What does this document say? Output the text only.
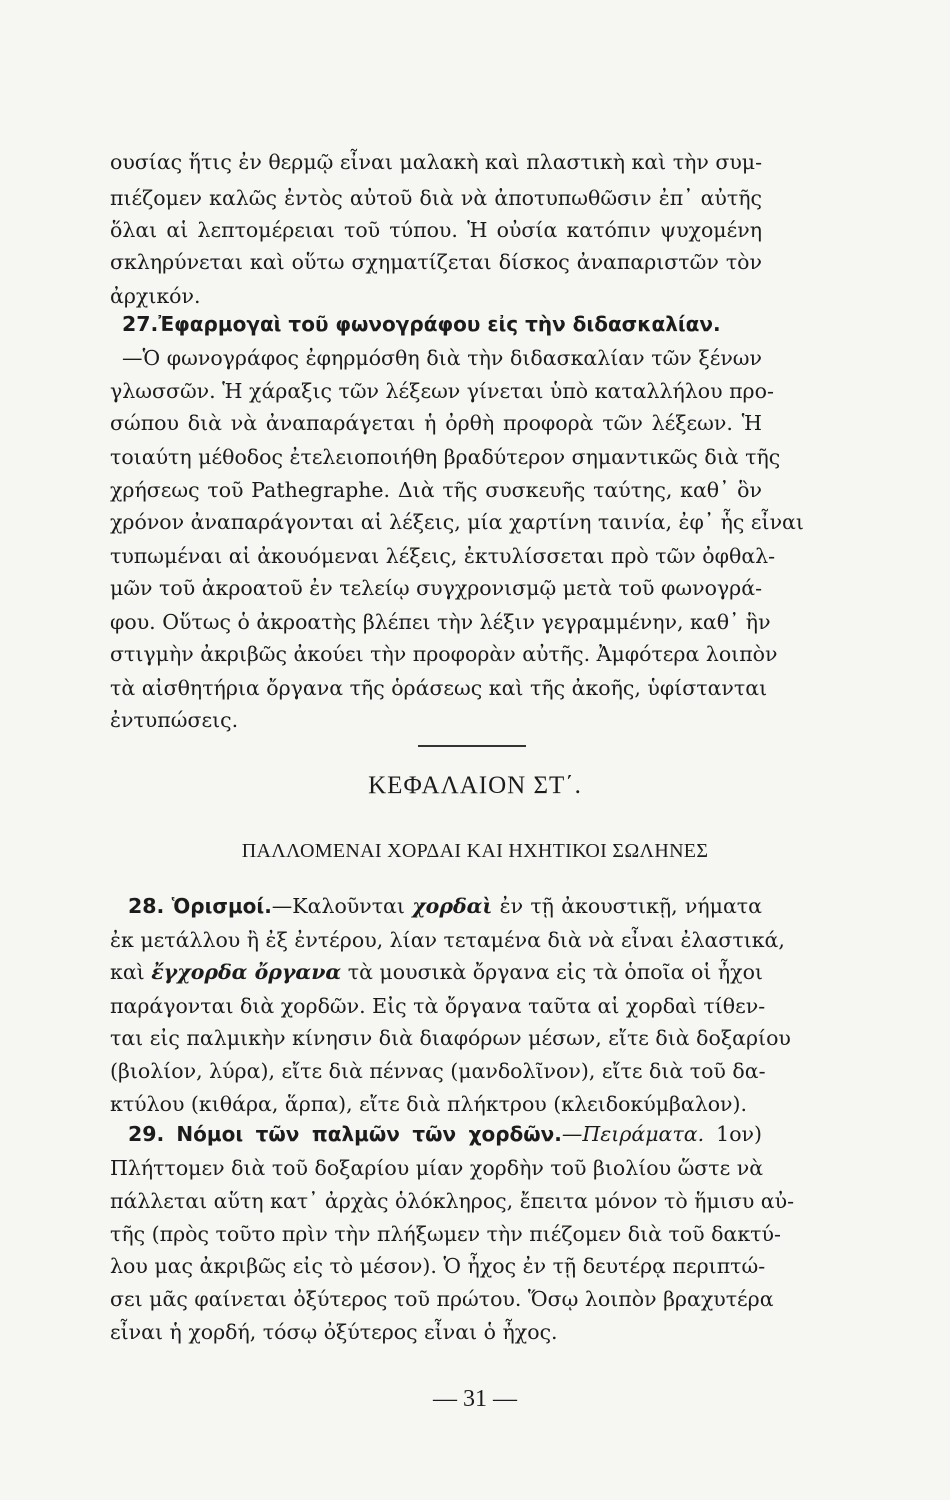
ουσίας ἥτις ἐν θερμῷ εἶναι μαλακὴ καὶ πλαστικὴ καὶ τὴν συμ-
πιέζομεν καλῶς ἐντὸς αὐτοῦ διὰ νὰ ἀποτυπωθῶσιν ἐπ᾽ αὐτῆς
ὅλαι αἱ λεπτομέρειαι τοῦ τύπου. Ἡ οὐσία κατόπιν ψυχομένη
σκληρύνεται καὶ οὕτω σχηματίζεται δίσκος ἀναπαριστῶν τὸν
ἀρχικόν.
27.Ἐφαρμογαὶ τοῦ φωνογράφου εἰς τὴν διδασκαλίαν.
—Ὁ φωνογράφος ἐφηρμόσθη διὰ τὴν διδασκαλίαν τῶν ξένων
γλωσσῶν. Ἡ χάραξις τῶν λέξεων γίνεται ὑπὸ καταλλήλου προ-
σώπου διὰ νὰ ἀναπαράγεται ἡ ὀρθὴ προφορὰ τῶν λέξεων. Ἡ
τοιαύτη μέθοδος ἐτελειοποιήθη βραδύτερον σημαντικῶς διὰ τῆς
χρήσεως τοῦ Pathegraphe. Διὰ τῆς συσκευῆς ταύτης, καθ᾽ ὃν
χρόνον ἀναπαράγονται αἱ λέξεις, μία χαρτίνη ταινία, ἐφ᾽ ἧς εἶναι
τυπωμέναι αἱ ἀκουόμεναι λέξεις, ἐκτυλίσσεται πρὸ τῶν ὀφθαλ-
μῶν τοῦ ἀκροατοῦ ἐν τελείῳ συγχρονισμῷ μετὰ τοῦ φωνογρά-
φου. Οὕτως ὁ ἀκροατὴς βλέπει τὴν λέξιν γεγραμμένην, καθ᾽ ἣν
στιγμὴν ἀκριβῶς ἀκούει τὴν προφορὰν αὐτῆς. Ἀμφότερα λοιπὸν
τὰ αἰσθητήρια ὄργανα τῆς ὁράσεως καὶ τῆς ἀκοῆς, ὑφίστανται
ἐντυπώσεις.
ΚΕΦΑΛΑΙΟΝ ΣΤ΄.
ΠΑΛΛΟΜΕΝΑΙ ΧΟΡΔΑΙ ΚΑΙ ΗΧΗΤΙΚΟΙ ΣΩΛΗΝΕΣ
28. Ὁρισμοί.—Καλοῦνται χορδαὶ ἐν τῇ ἀκουστικῇ, νήματα
ἐκ μετάλλου ἢ ἐξ ἐντέρου, λίαν τεταμένα διὰ νὰ εἶναι ἐλαστικά,
καὶ ἔγχορδα ὄργανα τὰ μουσικὰ ὄργανα εἰς τὰ ὁποῖα οἱ ἦχοι
παράγονται διὰ χορδῶν. Εἰς τὰ ὄργανα ταῦτα αἱ χορδαὶ τίθεν-
ται εἰς παλμικὴν κίνησιν διὰ διαφόρων μέσων, εἴτε διὰ δοξαρίου
(βιολίον, λύρα), εἴτε διὰ πέννας (μανδολῖνον), εἴτε διὰ τοῦ δα-
κτύλου (κιθάρα, ἅρπα), εἴτε διὰ πλήκτρου (κλειδοκύμβαλον).
29. Νόμοι τῶν παλμῶν τῶν χορδῶν.—Πειράματα. 1ον)
Πλήττομεν διὰ τοῦ δοξαρίου μίαν χορδὴν τοῦ βιολίου ὥστε νὰ
πάλλεται αὕτη κατ᾽ ἀρχὰς ὁλόκληρος, ἔπειτα μόνον τὸ ἥμισυ αὐ-
τῆς (πρὸς τοῦτο πρὶν τὴν πλήξωμεν τὴν πιέζομεν διὰ τοῦ δακτύ-
λου μας ἀκριβῶς εἰς τὸ μέσον). Ὁ ἦχος ἐν τῇ δευτέρᾳ περιπτώ-
σει μᾶς φαίνεται ὀξύτερος τοῦ πρώτου. Ὅσῳ λοιπὸν βραχυτέρα
εἶναι ἡ χορδή, τόσῳ ὀξύτερος εἶναι ὁ ἦχος.
— 31 —
